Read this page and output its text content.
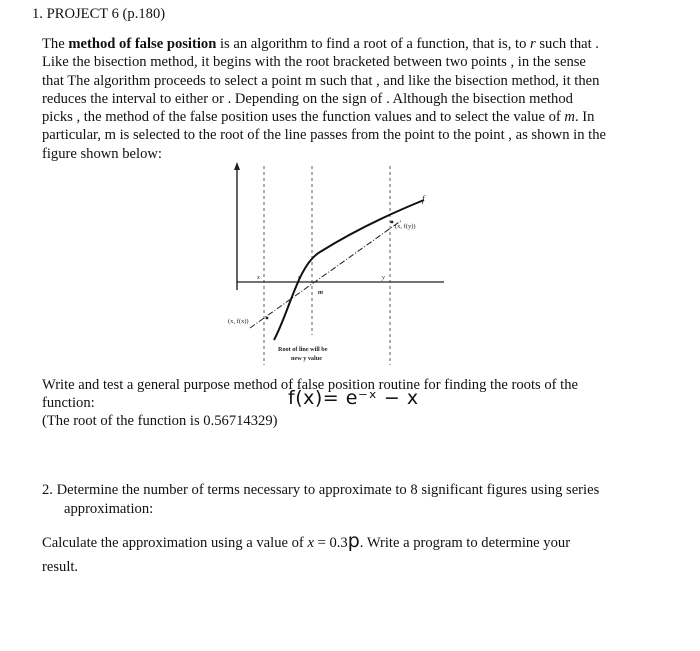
1. PROJECT 6 (p.180)
The method of false position is an algorithm to find a root of a function, that is, to r such that .
Like the bisection method, it begins with the root bracketed between two points , in the sense
that The algorithm proceeds to select a point m such that , and like the bisection method, it then
reduces the interval to either or . Depending on the sign of . Although the bisection method
picks , the method of the false position uses the function values and to select the value of m. In
particular, m is selected to the root of the line passes from the point to the point , as shown in the
figure shown below:
f
(x, f(y))
(x, f(x))
x	r
m
y
Root of line will be
new y value
Write and test a general purpose method of false position routine for finding the roots of the
function:
(The root of the function is 0.56714329)
f(x)= e⁻ˣ − x
2. Determine the number of terms necessary to approximate to 8 significant figures using series
approximation:
Calculate the approximation using a value of x = 0.3p. Write a program to determine your
result.
